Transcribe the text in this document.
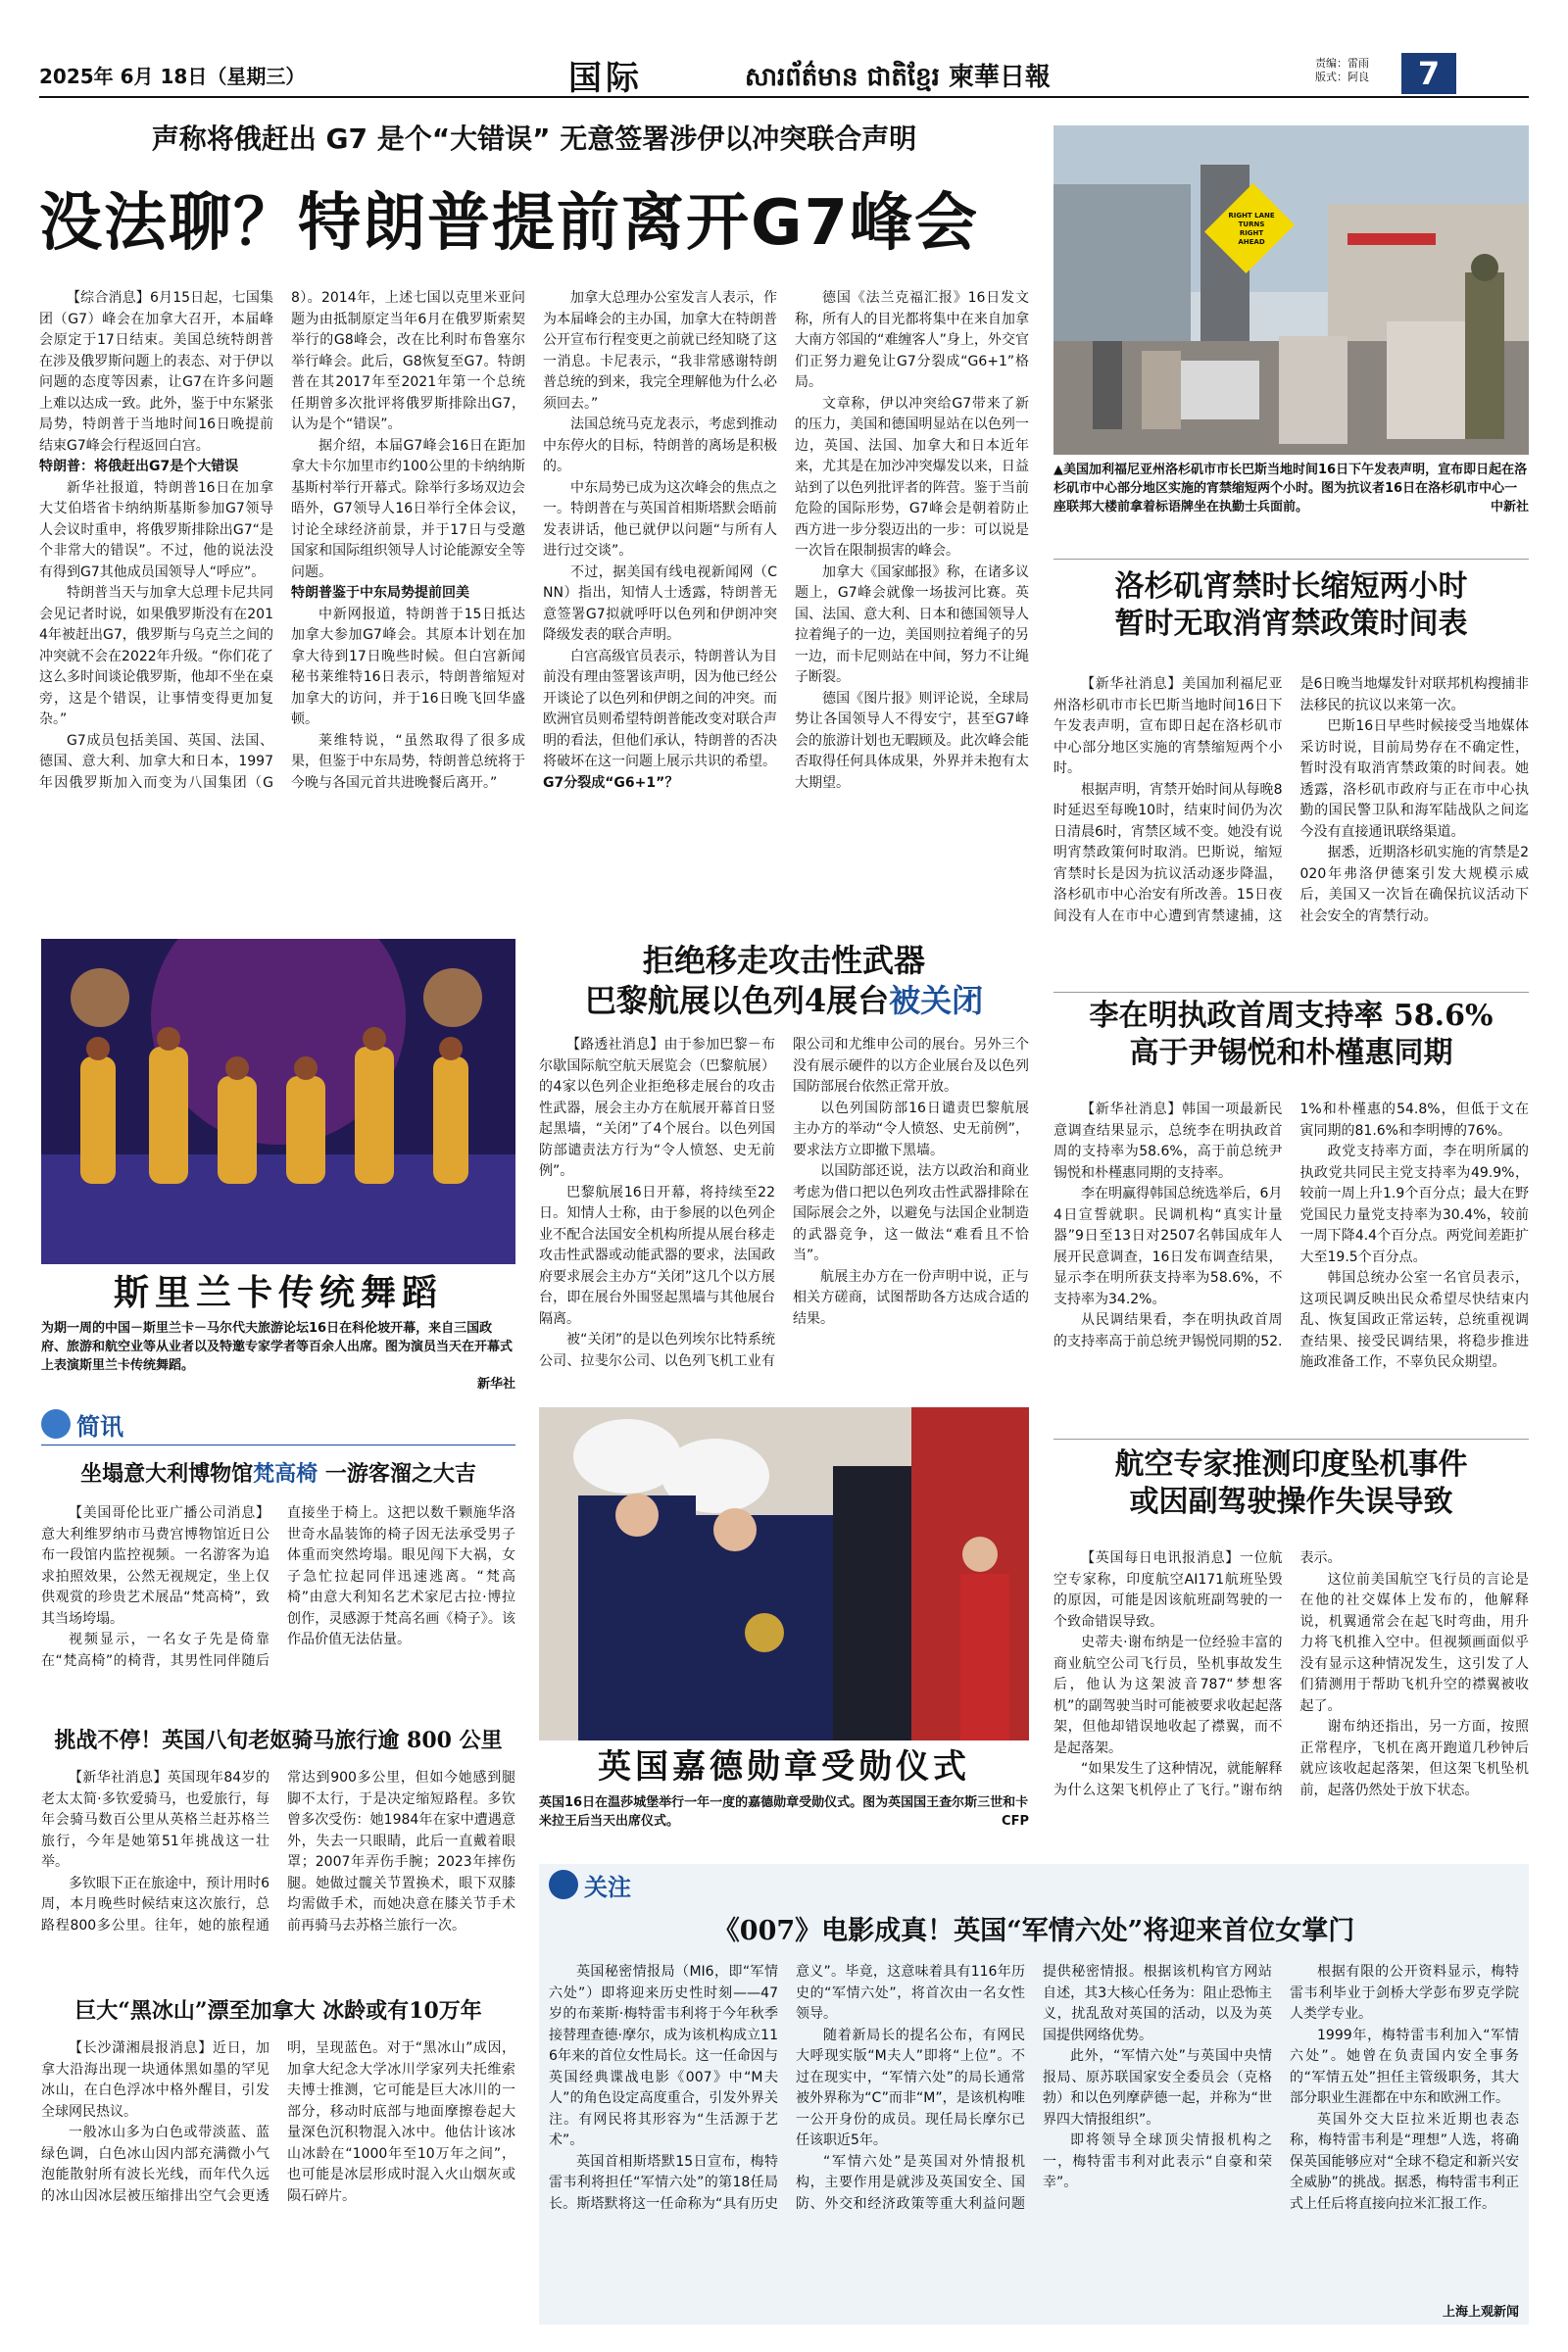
2025年 6月 18日（星期三）	国际	សារព័ត៌មាន ជាតិខ្មែរ 柬華日報	责编：雷雨
版式：阿良	7
声称将俄赶出 G7 是个“大错误” 无意签署涉伊以冲突联合声明
没法聊？特朗普提前离开G7峰会

【综合消息】6月15日起，七国集团（G7）峰会在加拿大召开，本届峰会原定于17日结束。美国总统特朗普在涉及俄罗斯问题上的表态、对于伊以问题的态度等因素，让G7在许多问题上难以达成一致。此外，鉴于中东紧张局势，特朗普于当地时间16日晚提前结束G7峰会行程返回白宫。

特朗普：将俄赶出G7是个大错误

新华社报道，特朗普16日在加拿大艾伯塔省卡纳纳斯基斯参加G7领导人会议时重申，将俄罗斯排除出G7“是个非常大的错误”。不过，他的说法没有得到G7其他成员国领导人“呼应”。

特朗普当天与加拿大总理卡尼共同会见记者时说，如果俄罗斯没有在2014年被赶出G7，俄罗斯与乌克兰之间的冲突就不会在2022年升级。“你们花了这么多时间谈论俄罗斯，他却不坐在桌旁，这是个错误，让事情变得更加复杂。”

G7成员包括美国、英国、法国、德国、意大利、加拿大和日本，1997年因俄罗斯加入而变为八国集团（G8）。2014年，上述七国以克里米亚问题为由抵制原定当年6月在俄罗斯索契举行的G8峰会，改在比利时布鲁塞尔举行峰会。此后，G8恢复至G7。特朗普在其2017年至2021年第一个总统任期曾多次批评将俄罗斯排除出G7，认为是个“错误”。

据介绍，本届G7峰会16日在距加拿大卡尔加里市约100公里的卡纳纳斯基斯村举行开幕式。除举行多场双边会晤外，G7领导人16日举行全体会议，讨论全球经济前景，并于17日与受邀国家和国际组织领导人讨论能源安全等问题。

特朗普鉴于中东局势提前回美

中新网报道，特朗普于15日抵达加拿大参加G7峰会。其原本计划在加拿大待到17日晚些时候。但白宫新闻秘书莱维特16日表示，特朗普缩短对加拿大的访问，并于16日晚飞回华盛顿。

莱维特说，“虽然取得了很多成果，但鉴于中东局势，特朗普总统将于今晚与各国元首共进晚餐后离开。”

加拿大总理办公室发言人表示，作为本届峰会的主办国，加拿大在特朗普公开宣布行程变更之前就已经知晓了这一消息。卡尼表示，“我非常感谢特朗普总统的到来，我完全理解他为什么必须回去。”

法国总统马克龙表示，考虑到推动中东停火的目标，特朗普的离场是积极的。

中东局势已成为这次峰会的焦点之一。特朗普在与英国首相斯塔默会晤前发表讲话，他已就伊以问题“与所有人进行过交谈”。

不过，据美国有线电视新闻网（CNN）指出，知情人士透露，特朗普无意签署G7拟就呼吁以色列和伊朗冲突降级发表的联合声明。

白宫高级官员表示，特朗普认为目前没有理由签署该声明，因为他已经公开谈论了以色列和伊朗之间的冲突。而欧洲官员则希望特朗普能改变对联合声明的看法，但他们承认，特朗普的否决将破坏在这一问题上展示共识的希望。

G7分裂成“G6+1”？

德国《法兰克福汇报》16日发文称，所有人的目光都将集中在来自加拿大南方邻国的“难缠客人”身上，外交官们正努力避免让G7分裂成“G6+1”格局。

文章称，伊以冲突给G7带来了新的压力，美国和德国明显站在以色列一边，英国、法国、加拿大和日本近年来，尤其是在加沙冲突爆发以来，日益站到了以色列批评者的阵营。鉴于当前危险的国际形势，G7峰会是朝着防止西方进一步分裂迈出的一步：可以说是一次旨在限制损害的峰会。

加拿大《国家邮报》称，在诸多议题上，G7峰会就像一场拔河比赛。英国、法国、意大利、日本和德国领导人拉着绳子的一边，美国则拉着绳子的另一边，而卡尼则站在中间，努力不让绳子断裂。

德国《图片报》则评论说，全球局势让各国领导人不得安宁，甚至G7峰会的旅游计划也无暇顾及。此次峰会能否取得任何具体成果，外界并未抱有太大期望。

RIGHT LANE TURNS RIGHT AHEAD
▲美国加利福尼亚州洛杉矶市市长巴斯当地时间16日下午发表声明，宣布即日起在洛杉矶市中心部分地区实施的宵禁缩短两个小时。图为抗议者16日在洛杉矶市中心一座联邦大楼前拿着标语牌坐在执勤士兵面前。	中新社
洛杉矶宵禁时长缩短两小时
暂时无取消宵禁政策时间表

【新华社消息】美国加利福尼亚州洛杉矶市市长巴斯当地时间16日下午发表声明，宣布即日起在洛杉矶市中心部分地区实施的宵禁缩短两个小时。

根据声明，宵禁开始时间从每晚8时延迟至每晚10时，结束时间仍为次日清晨6时，宵禁区域不变。她没有说明宵禁政策何时取消。巴斯说，缩短宵禁时长是因为抗议活动逐步降温，洛杉矶市中心治安有所改善。15日夜间没有人在市中心遭到宵禁逮捕，这是6日晚当地爆发针对联邦机构搜捕非法移民的抗议以来第一次。

巴斯16日早些时候接受当地媒体采访时说，目前局势存在不确定性，暂时没有取消宵禁政策的时间表。她透露，洛杉矶市政府与正在市中心执勤的国民警卫队和海军陆战队之间迄今没有直接通讯联络渠道。

据悉，近期洛杉矶实施的宵禁是2020年弗洛伊德案引发大规模示威后，美国又一次旨在确保抗议活动下社会安全的宵禁行动。

斯里兰卡传统舞蹈
为期一周的中国－斯里兰卡－马尔代夫旅游论坛16日在科伦坡开幕，来自三国政府、旅游和航空业等从业者以及特邀专家学者等百余人出席。图为演员当天在开幕式上表演斯里兰卡传统舞蹈。
新华社
拒绝移走攻击性武器
巴黎航展以色列4展台被关闭

【路透社消息】由于参加巴黎－布尔歇国际航空航天展览会（巴黎航展）的4家以色列企业拒绝移走展台的攻击性武器，展会主办方在航展开幕首日竖起黑墙，“关闭”了4个展台。以色列国防部谴责法方行为“令人愤怒、史无前例”。

巴黎航展16日开幕，将持续至22日。知情人士称，由于参展的以色列企业不配合法国安全机构所提从展台移走攻击性武器或动能武器的要求，法国政府要求展会主办方“关闭”这几个以方展台，即在展台外围竖起黑墙与其他展台隔离。

被“关闭”的是以色列埃尔比特系统公司、拉斐尔公司、以色列飞机工业有限公司和尤维申公司的展台。另外三个没有展示硬件的以方企业展台及以色列国防部展台依然正常开放。

以色列国防部16日谴责巴黎航展主办方的举动“令人愤怒、史无前例”，要求法方立即撤下黑墙。

以国防部还说，法方以政治和商业考虑为借口把以色列攻击性武器排除在国际展会之外，以避免与法国企业制造的武器竞争，这一做法“难看且不恰当”。

航展主办方在一份声明中说，正与相关方磋商，试图帮助各方达成合适的结果。

李在明执政首周支持率 58.6%
高于尹锡悦和朴槿惠同期

【新华社消息】韩国一项最新民意调查结果显示，总统李在明执政首周的支持率为58.6%，高于前总统尹锡悦和朴槿惠同期的支持率。

李在明赢得韩国总统选举后，6月4日宣誓就职。民调机构“真实计量器”9日至13日对2507名韩国成年人展开民意调查，16日发布调查结果，显示李在明所获支持率为58.6%，不支持率为34.2%。

从民调结果看，李在明执政首周的支持率高于前总统尹锡悦同期的52.1%和朴槿惠的54.8%，但低于文在寅同期的81.6%和李明博的76%。

政党支持率方面，李在明所属的执政党共同民主党支持率为49.9%，较前一周上升1.9个百分点；最大在野党国民力量党支持率为30.4%，较前一周下降4.4个百分点。两党间差距扩大至19.5个百分点。

韩国总统办公室一名官员表示，这项民调反映出民众希望尽快结束内乱、恢复国政正常运转，总统重视调查结果、接受民调结果，将稳步推进施政准备工作，不辜负民众期望。

简讯
坐塌意大利博物馆梵高椅 一游客溜之大吉

【美国哥伦比亚广播公司消息】意大利维罗纳市马费宫博物馆近日公布一段馆内监控视频。一名游客为追求拍照效果，公然无视规定，坐上仅供观赏的珍贵艺术展品“梵高椅”，致其当场垮塌。

视频显示，一名女子先是倚靠在“梵高椅”的椅背，其男性同伴随后直接坐于椅上。这把以数千颗施华洛世奇水晶装饰的椅子因无法承受男子体重而突然垮塌。眼见闯下大祸，女子急忙拉起同伴迅速逃离。“梵高椅”由意大利知名艺术家尼古拉·博拉创作，灵感源于梵高名画《椅子》。该作品价值无法估量。

挑战不停！英国八旬老妪骑马旅行逾 800 公里

【新华社消息】英国现年84岁的老太太简·多钦爱骑马，也爱旅行，每年会骑马数百公里从英格兰赶苏格兰旅行，今年是她第51年挑战这一壮举。

多钦眼下正在旅途中，预计用时6周，本月晚些时候结束这次旅行，总路程800多公里。往年，她的旅程通常达到900多公里，但如今她感到腿脚不太行，于是决定缩短路程。多钦曾多次受伤：她1984年在家中遭遇意外，失去一只眼睛，此后一直戴着眼罩；2007年弄伤手腕；2023年摔伤腿。她做过髋关节置换术，眼下双膝均需做手术，而她决意在膝关节手术前再骑马去苏格兰旅行一次。

巨大“黑冰山”漂至加拿大 冰龄或有10万年

【长沙潇湘晨报消息】近日，加拿大沿海出现一块通体黑如墨的罕见冰山，在白色浮冰中格外醒目，引发全球网民热议。

一般冰山多为白色或带淡蓝、蓝绿色调，白色冰山因内部充满微小气泡能散射所有波长光线，而年代久远的冰山因冰层被压缩排出空气会更透明，呈现蓝色。对于“黑冰山”成因，加拿大纪念大学冰川学家列夫托维索夫博士推测，它可能是巨大冰川的一部分，移动时底部与地面摩擦卷起大量深色沉积物混入冰中。他估计该冰山冰龄在“1000年至10万年之间”，也可能是冰层形成时混入火山烟灰或陨石碎片。

英国嘉德勋章受勋仪式
英国16日在温莎城堡举行一年一度的嘉德勋章受勋仪式。图为英国国王查尔斯三世和卡米拉王后当天出席仪式。	CFP
航空专家推测印度坠机事件
或因副驾驶操作失误导致

【英国每日电讯报消息】一位航空专家称，印度航空AI171航班坠毁的原因，可能是因该航班副驾驶的一个致命错误导致。

史蒂夫·谢布纳是一位经验丰富的商业航空公司飞行员，坠机事故发生后，他认为这架波音787“梦想客机”的副驾驶当时可能被要求收起起落架，但他却错误地收起了襟翼，而不是起落架。

“如果发生了这种情况，就能解释为什么这架飞机停止了飞行。”谢布纳表示。

这位前美国航空飞行员的言论是在他的社交媒体上发布的，他解释说，机翼通常会在起飞时弯曲，用升力将飞机推入空中。但视频画面似乎没有显示这种情况发生，这引发了人们猜测用于帮助飞机升空的襟翼被收起了。

谢布纳还指出，另一方面，按照正常程序，飞机在离开跑道几秒钟后就应该收起起落架，但这架飞机坠机前，起落仍然处于放下状态。

关注
《007》电影成真！英国“军情六处”将迎来首位女掌门

英国秘密情报局（MI6，即“军情六处”）即将迎来历史性时刻——47岁的布莱斯·梅特雷韦利将于今年秋季接替理查德·摩尔，成为该机构成立116年来的首位女性局长。这一任命因与英国经典谍战电影《007》中“M夫人”的角色设定高度重合，引发外界关注。有网民将其形容为“生活源于艺术”。

英国首相斯塔默15日宣布，梅特雷韦利将担任“军情六处”的第18任局长。斯塔默将这一任命称为“具有历史意义”。毕竟，这意味着具有116年历史的“军情六处”，将首次由一名女性领导。

随着新局长的提名公布，有网民大呼现实版“M夫人”即将“上位”。不过在现实中，“军情六处”的局长通常被外界称为“C”而非“M”，是该机构唯一公开身份的成员。现任局长摩尔已任该职近5年。

“军情六处”是英国对外情报机构，主要作用是就涉及英国安全、国防、外交和经济政策等重大利益问题提供秘密情报。根据该机构官方网站自述，其3大核心任务为：阻止恐怖主义，扰乱敌对英国的活动，以及为英国提供网络优势。

此外，“军情六处”与英国中央情报局、原苏联国家安全委员会（克格勃）和以色列摩萨德一起，并称为“世界四大情报组织”。

即将领导全球顶尖情报机构之一，梅特雷韦利对此表示“自豪和荣幸”。

根据有限的公开资料显示，梅特雷韦利毕业于剑桥大学彭布罗克学院人类学专业。

1999年，梅特雷韦利加入“军情六处”。她曾在负责国内安全事务的“军情五处”担任主管级职务，其大部分职业生涯都在中东和欧洲工作。

英国外交大臣拉米近期也表态称，梅特雷韦利是“理想”人选，将确保英国能够应对“全球不稳定和新兴安全威胁”的挑战。据悉，梅特雷韦利正式上任后将直接向拉米汇报工作。

上海上观新闻
